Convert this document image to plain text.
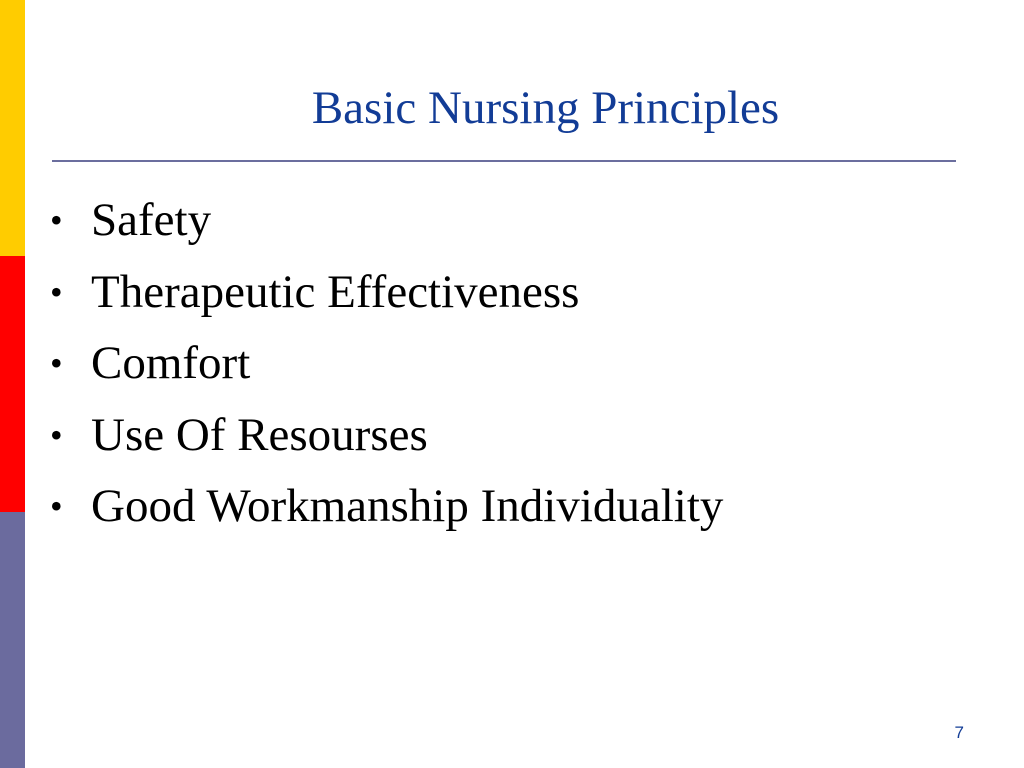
Basic Nursing Principles
• Safety
• Therapeutic Effectiveness
• Comfort
• Use Of Resourses
• Good Workmanship Individuality
7
